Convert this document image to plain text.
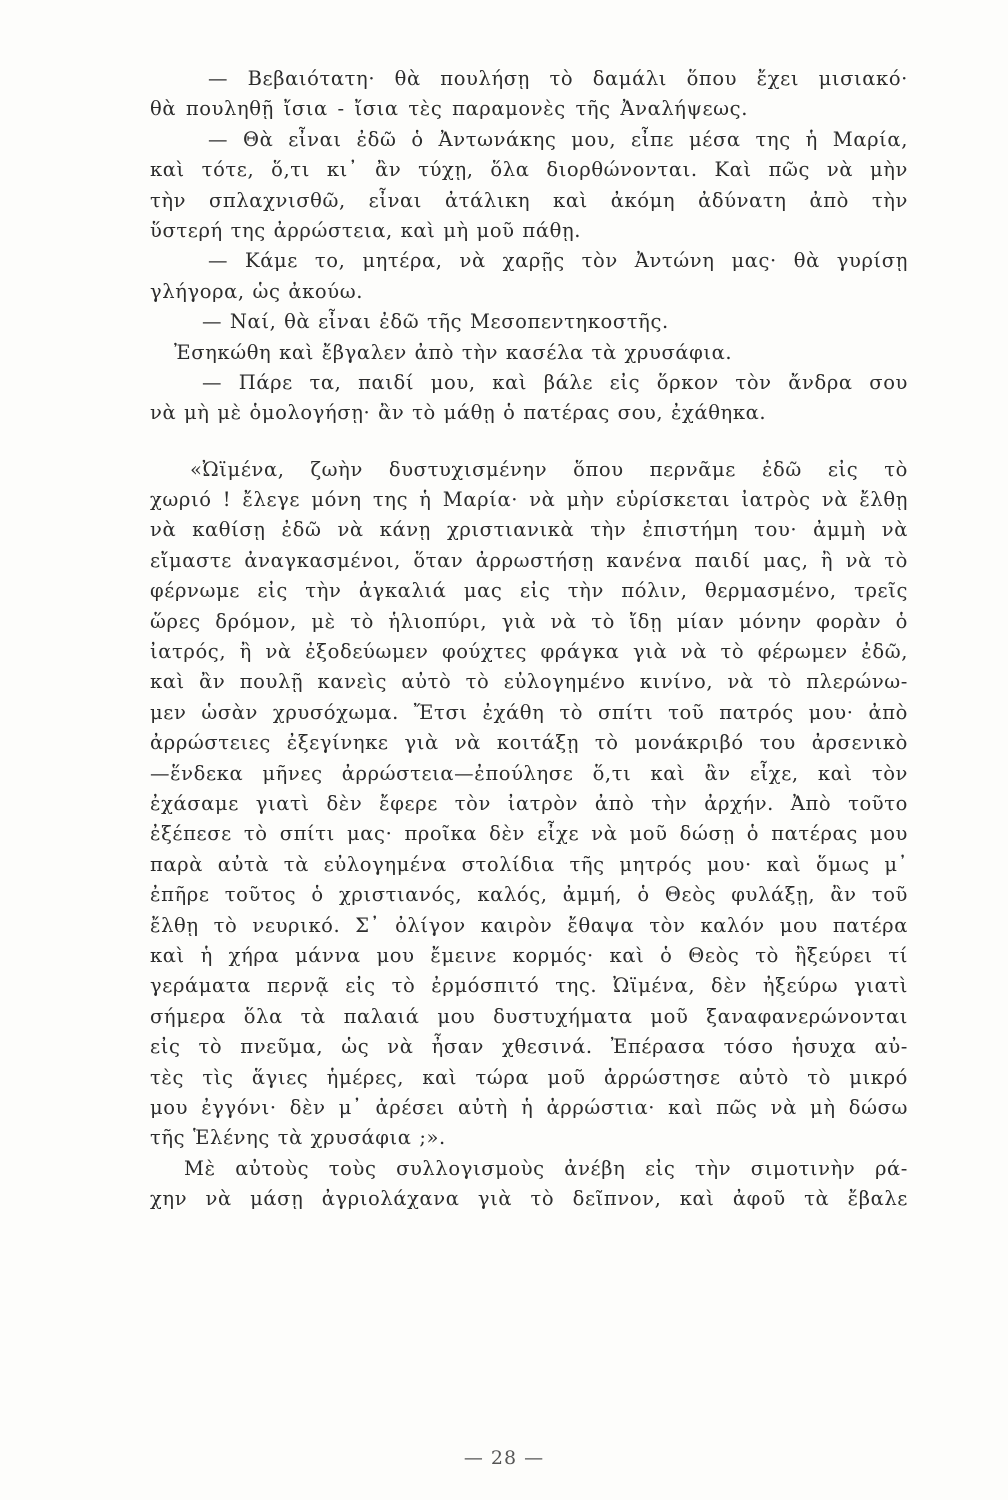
— Βεβαιότατη· θὰ πουλήσῃ τὸ δαμάλι ὅπου ἔχει μισιακό·
θὰ πουληθῇ ἴσια - ἴσια τὲς παραμονὲς τῆς Ἀναλήψεως.
— Θὰ εἶναι ἐδῶ ὁ Ἀντωνάκης μου, εἶπε μέσα της ἡ Μαρία,
καὶ τότε, ὅ,τι κι᾽ ἂν τύχῃ, ὅλα διορθώνονται. Καὶ πῶς νὰ μὴν
τὴν σπλαχνισθῶ, εἶναι ἀτάλικη καὶ ἀκόμη ἀδύνατη ἀπὸ τὴν
ὕστερή της ἀρρώστεια, καὶ μὴ μοῦ πάθῃ.
— Κάμε το, μητέρα, νὰ χαρῇς τὸν Ἀντώνη μας· θὰ γυρίσῃ
γλήγορα, ὡς ἀκούω.
— Ναί, θὰ εἶναι ἐδῶ τῆς Μεσοπεντηκοστῆς.
Ἐσηκώθη καὶ ἔβγαλεν ἀπὸ τὴν κασέλα τὰ χρυσάφια.
— Πάρε τα, παιδί μου, καὶ βάλε εἰς ὅρκον τὸν ἄνδρα σου
νὰ μὴ μὲ ὁμολογήσῃ· ἂν τὸ μάθῃ ὁ πατέρας σου, ἐχάθηκα.
«Ὠϊμένα, ζωὴν δυστυχισμένην ὅπου περνᾶμε ἐδῶ εἰς τὸ
χωριό ! ἔλεγε μόνη της ἡ Μαρία· νὰ μὴν εὑρίσκεται ἰατρὸς νὰ ἔλθῃ
νὰ καθίσῃ ἐδῶ νὰ κάνῃ χριστιανικὰ τὴν ἐπιστήμη του· ἀμμὴ νὰ
εἴμαστε ἀναγκασμένοι, ὅταν ἀρρωστήσῃ κανένα παιδί μας, ἢ νὰ τὸ
φέρνωμε εἰς τὴν ἀγκαλιά μας εἰς τὴν πόλιν, θερμασμένο, τρεῖς
ὥρες δρόμον, μὲ τὸ ἡλιοπύρι, γιὰ νὰ τὸ ἴδῃ μίαν μόνην φορὰν ὁ
ἰατρός, ἢ νὰ ἐξοδεύωμεν φούχτες φράγκα γιὰ νὰ τὸ φέρωμεν ἐδῶ,
καὶ ἂν πουλῇ κανεὶς αὐτὸ τὸ εὐλογημένο κινίνο, νὰ τὸ πλερώνω-
μεν ὡσὰν χρυσόχωμα. Ἔτσι ἐχάθη τὸ σπίτι τοῦ πατρός μου· ἀπὸ
ἀρρώστειες ἐξεγίνηκε γιὰ νὰ κοιτάξῃ τὸ μονάκριβό του ἀρσενικὸ
—ἕνδεκα μῆνες ἀρρώστεια—ἐπούλησε ὅ,τι καὶ ἂν εἶχε, καὶ τὸν
ἐχάσαμε γιατὶ δὲν ἔφερε τὸν ἰατρὸν ἀπὸ τὴν ἀρχήν. Ἀπὸ τοῦτο
ἐξέπεσε τὸ σπίτι μας· προῖκα δὲν εἶχε νὰ μοῦ δώσῃ ὁ πατέρας μου
παρὰ αὐτὰ τὰ εὐλογημένα στολίδια τῆς μητρός μου· καὶ ὅμως μ᾽
ἐπῆρε τοῦτος ὁ χριστιανός, καλός, ἀμμή, ὁ Θεὸς φυλάξῃ, ἂν τοῦ
ἔλθῃ τὸ νευρικό. Σ᾽ ὀλίγον καιρὸν ἔθαψα τὸν καλόν μου πατέρα
καὶ ἡ χήρα μάννα μου ἔμεινε κορμός· καὶ ὁ Θεὸς τὸ ἢξεύρει τί
γεράματα περνᾷ εἰς τὸ ἐρμόσπιτό της. Ὠϊμένα, δὲν ἠξεύρω γιατὶ
σήμερα ὅλα τὰ παλαιά μου δυστυχήματα μοῦ ξαναφανερώνονται
εἰς τὸ πνεῦμα, ὡς νὰ ἦσαν χθεσινά. Ἐπέρασα τόσο ἡσυχα αὐ-
τὲς τὶς ἅγιες ἡμέρες, καὶ τώρα μοῦ ἀρρώστησε αὐτὸ τὸ μικρό
μου ἐγγόνι· δὲν μ᾽ ἀρέσει αὐτὴ ἡ ἀρρώστια· καὶ πῶς νὰ μὴ δώσω
τῆς Ἑλένης τὰ χρυσάφια ;».
Μὲ αὐτοὺς τοὺς συλλογισμοὺς ἀνέβη εἰς τὴν σιμοτινὴν ρά-
χην νὰ μάσῃ ἀγριολάχανα γιὰ τὸ δεῖπνον, καὶ ἀφοῦ τὰ ἔβαλε
— 28 —
